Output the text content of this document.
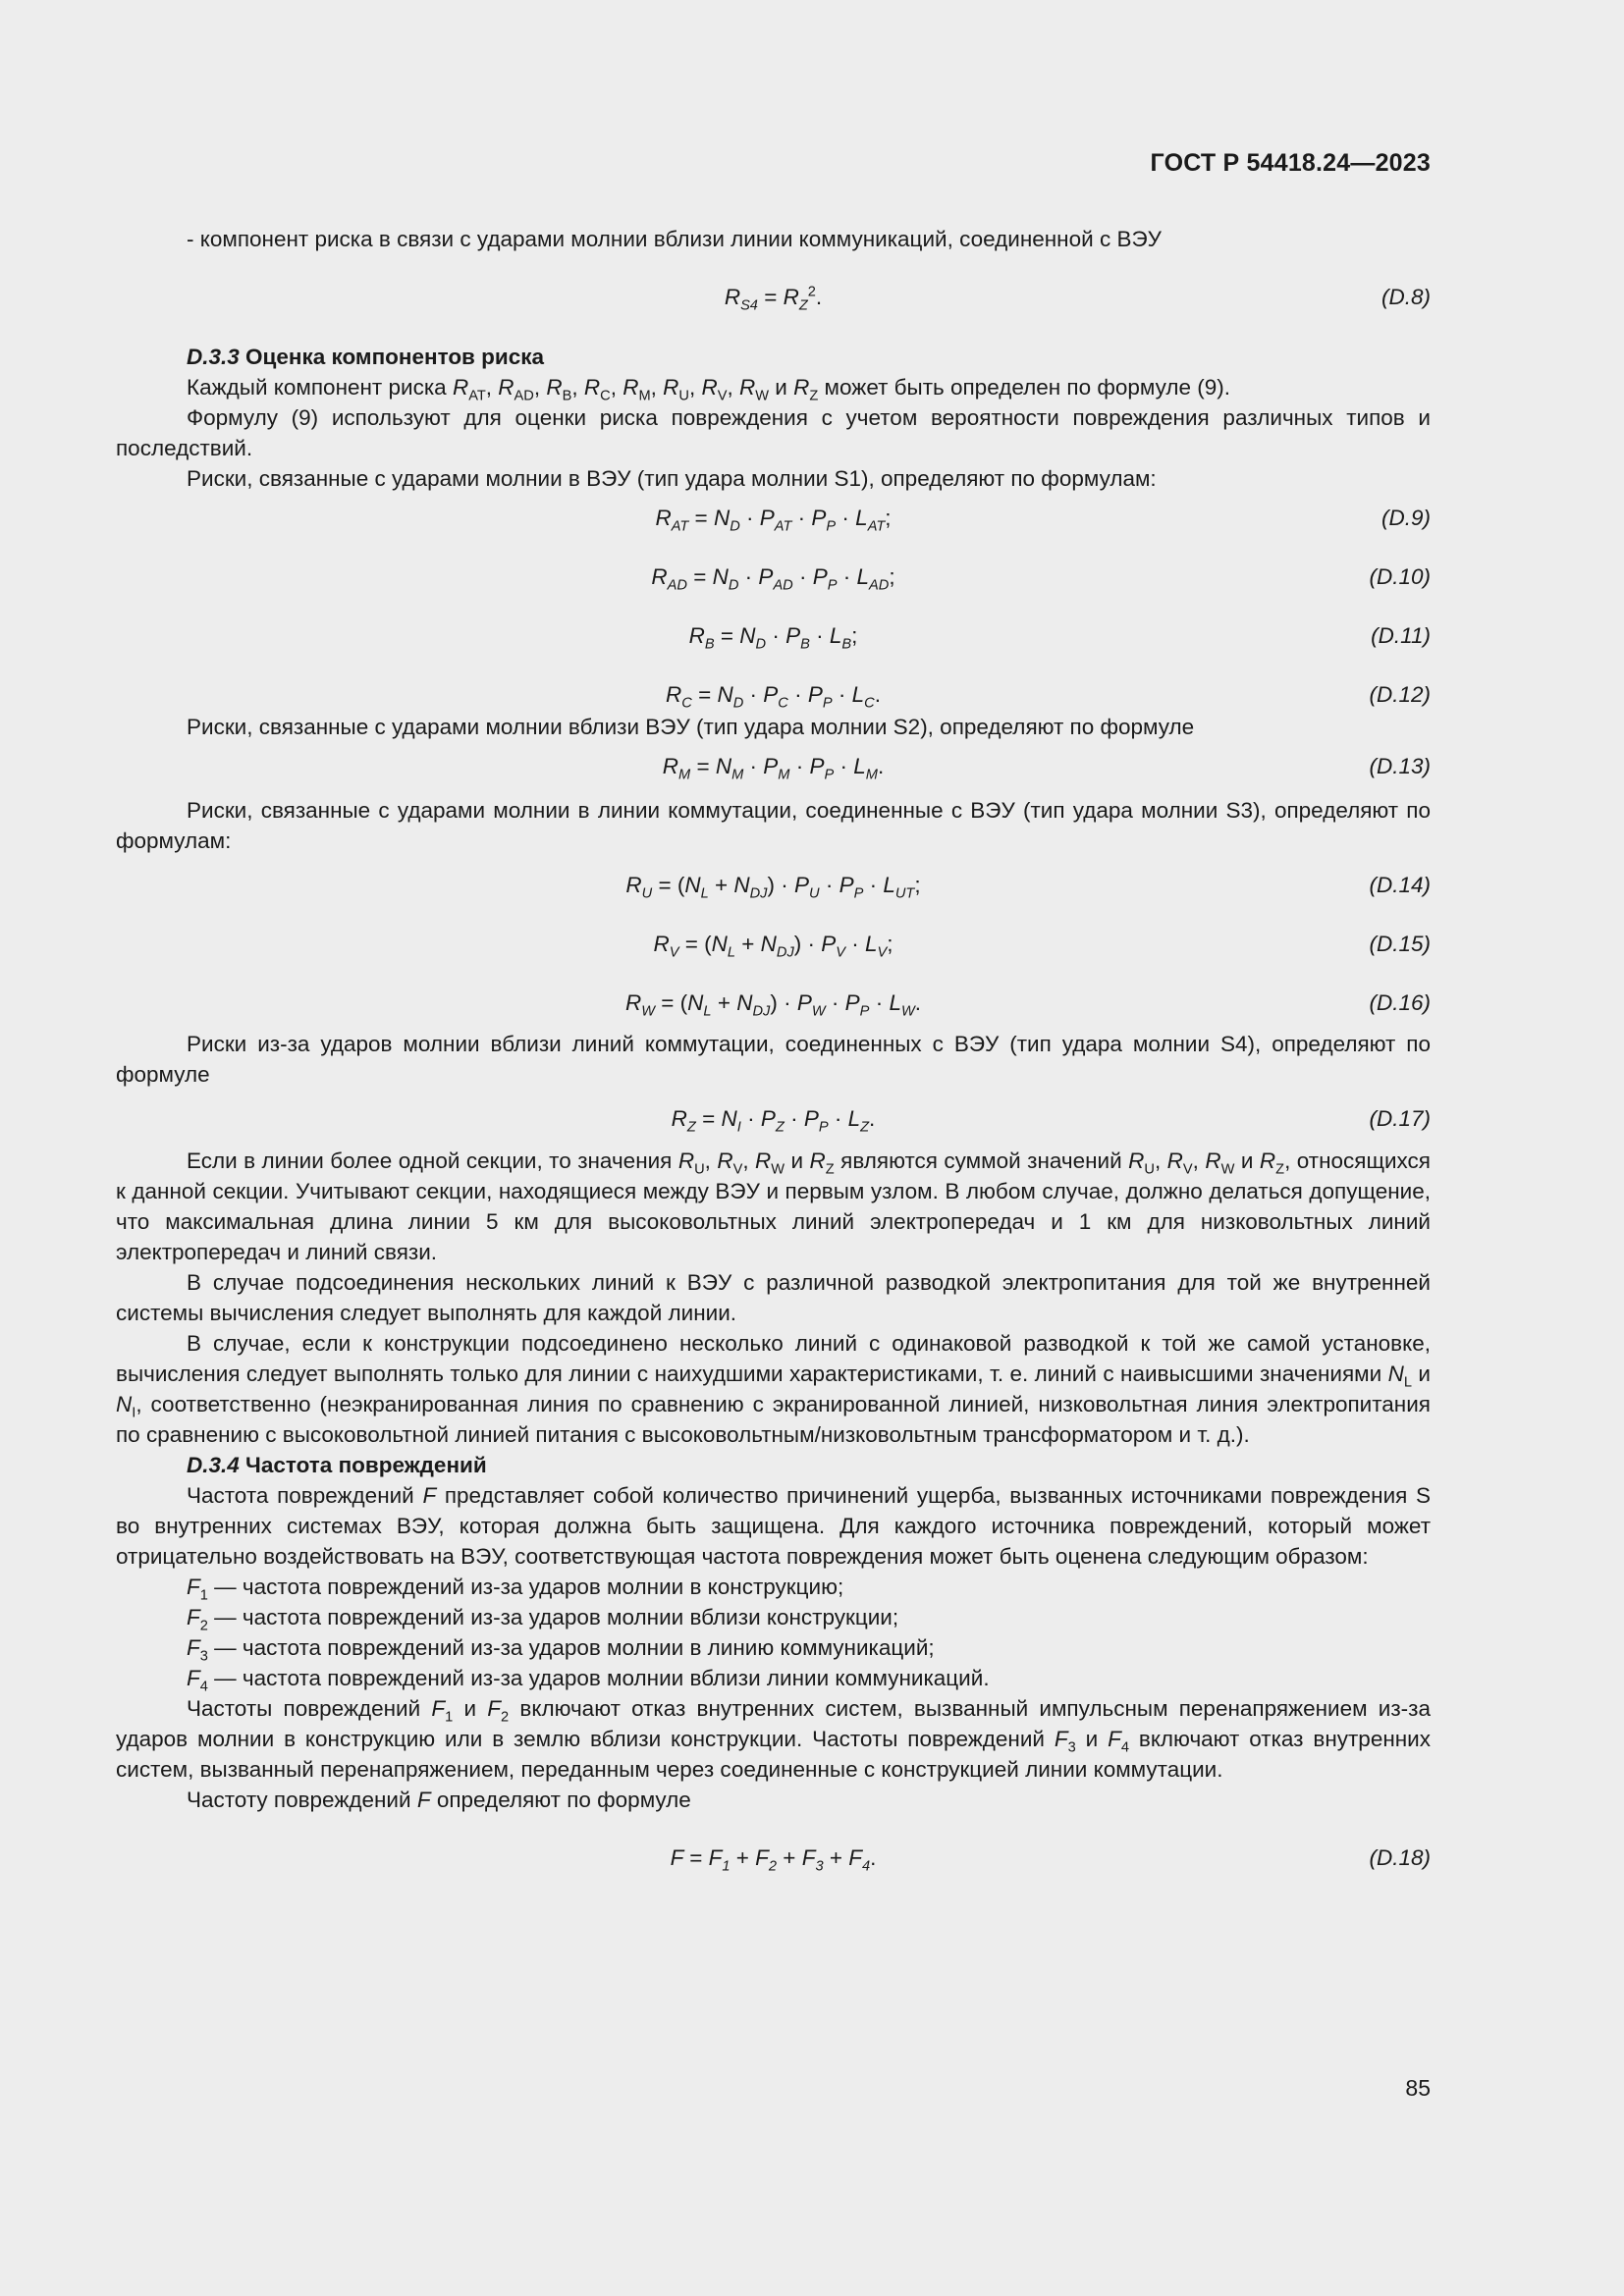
ГОСТ Р 54418.24—2023

- компонент риска в связи с ударами молнии вблизи линии коммуникаций, соединенной с ВЭУ

$R_{S4} = R_Z^2$.	(D.8)

D.3.3 Оценка компонентов риска

Каждый компонент риска $R_{AT}$, $R_{AD}$, $R_B$, $R_C$, $R_M$, $R_U$, $R_V$, $R_W$ и $R_Z$ может быть определен по формуле (9).

Формулу (9) используют для оценки риска повреждения с учетом вероятности повреждения различных типов и последствий.

Риски, связанные с ударами молнии в ВЭУ (тип удара молнии S1), определяют по формулам:

$R_{AT} = N_D \cdot P_{AT} \cdot P_P \cdot L_{AT}$;	(D.9)
$R_{AD} = N_D \cdot P_{AD} \cdot P_P \cdot L_{AD}$;	(D.10)
$R_B = N_D \cdot P_B \cdot L_B$;	(D.11)
$R_C = N_D \cdot P_C \cdot P_P \cdot L_C$.	(D.12)

Риски, связанные с ударами молнии вблизи ВЭУ (тип удара молнии S2), определяют по формуле

$R_M = N_M \cdot P_M \cdot P_P \cdot L_M$.	(D.13)

Риски, связанные с ударами молнии в линии коммутации, соединенные с ВЭУ (тип удара молнии S3), определяют по формулам:

$R_U = (N_L + N_{DJ}) \cdot P_U \cdot P_P \cdot L_{UT}$;	(D.14)
$R_V = (N_L + N_{DJ}) \cdot P_V \cdot L_V$;	(D.15)
$R_W = (N_L + N_{DJ}) \cdot P_W \cdot P_P \cdot L_W$.	(D.16)

Риски из-за ударов молнии вблизи линий коммутации, соединенных с ВЭУ (тип удара молнии S4), определяют по формуле

$R_Z = N_I \cdot P_Z \cdot P_P \cdot L_Z$.	(D.17)

Если в линии более одной секции, то значения $R_U$, $R_V$, $R_W$ и $R_Z$ являются суммой значений $R_U$, $R_V$, $R_W$ и $R_Z$, относящихся к данной секции. Учитывают секции, находящиеся между ВЭУ и первым узлом. В любом случае, должно делаться допущение, что максимальная длина линии 5 км для высоковольтных линий электропередач и 1 км для низковольтных линий электропередач и линий связи.

В случае подсоединения нескольких линий к ВЭУ с различной разводкой электропитания для той же внутренней системы вычисления следует выполнять для каждой линии.

В случае, если к конструкции подсоединено несколько линий с одинаковой разводкой к той же самой установке, вычисления следует выполнять только для линии с наихудшими характеристиками, т. е. линий с наивысшими значениями $N_L$ и $N_I$, соответственно (неэкранированная линия по сравнению с экранированной линией, низковольтная линия электропитания по сравнению с высоковольтной линией питания с высоковольтным/низковольтным трансформатором и т. д.).

D.3.4 Частота повреждений

Частота повреждений F представляет собой количество причинений ущерба, вызванных источниками повреждения S во внутренних системах ВЭУ, которая должна быть защищена. Для каждого источника повреждений, который может отрицательно воздействовать на ВЭУ, соответствующая частота повреждения может быть оценена следующим образом:

$F_1$ — частота повреждений из-за ударов молнии в конструкцию;

$F_2$ — частота повреждений из-за ударов молнии вблизи конструкции;

$F_3$ — частота повреждений из-за ударов молнии в линию коммуникаций;

$F_4$ — частота повреждений из-за ударов молнии вблизи линии коммуникаций.

Частоты повреждений $F_1$ и $F_2$ включают отказ внутренних систем, вызванный импульсным перенапряжением из-за ударов молнии в конструкцию или в землю вблизи конструкции. Частоты повреждений $F_3$ и $F_4$ включают отказ внутренних систем, вызванный перенапряжением, переданным через соединенные с конструкцией линии коммутации.

Частоту повреждений F определяют по формуле

$F = F_1 + F_2 + F_3 + F_4$.	(D.18)
85
